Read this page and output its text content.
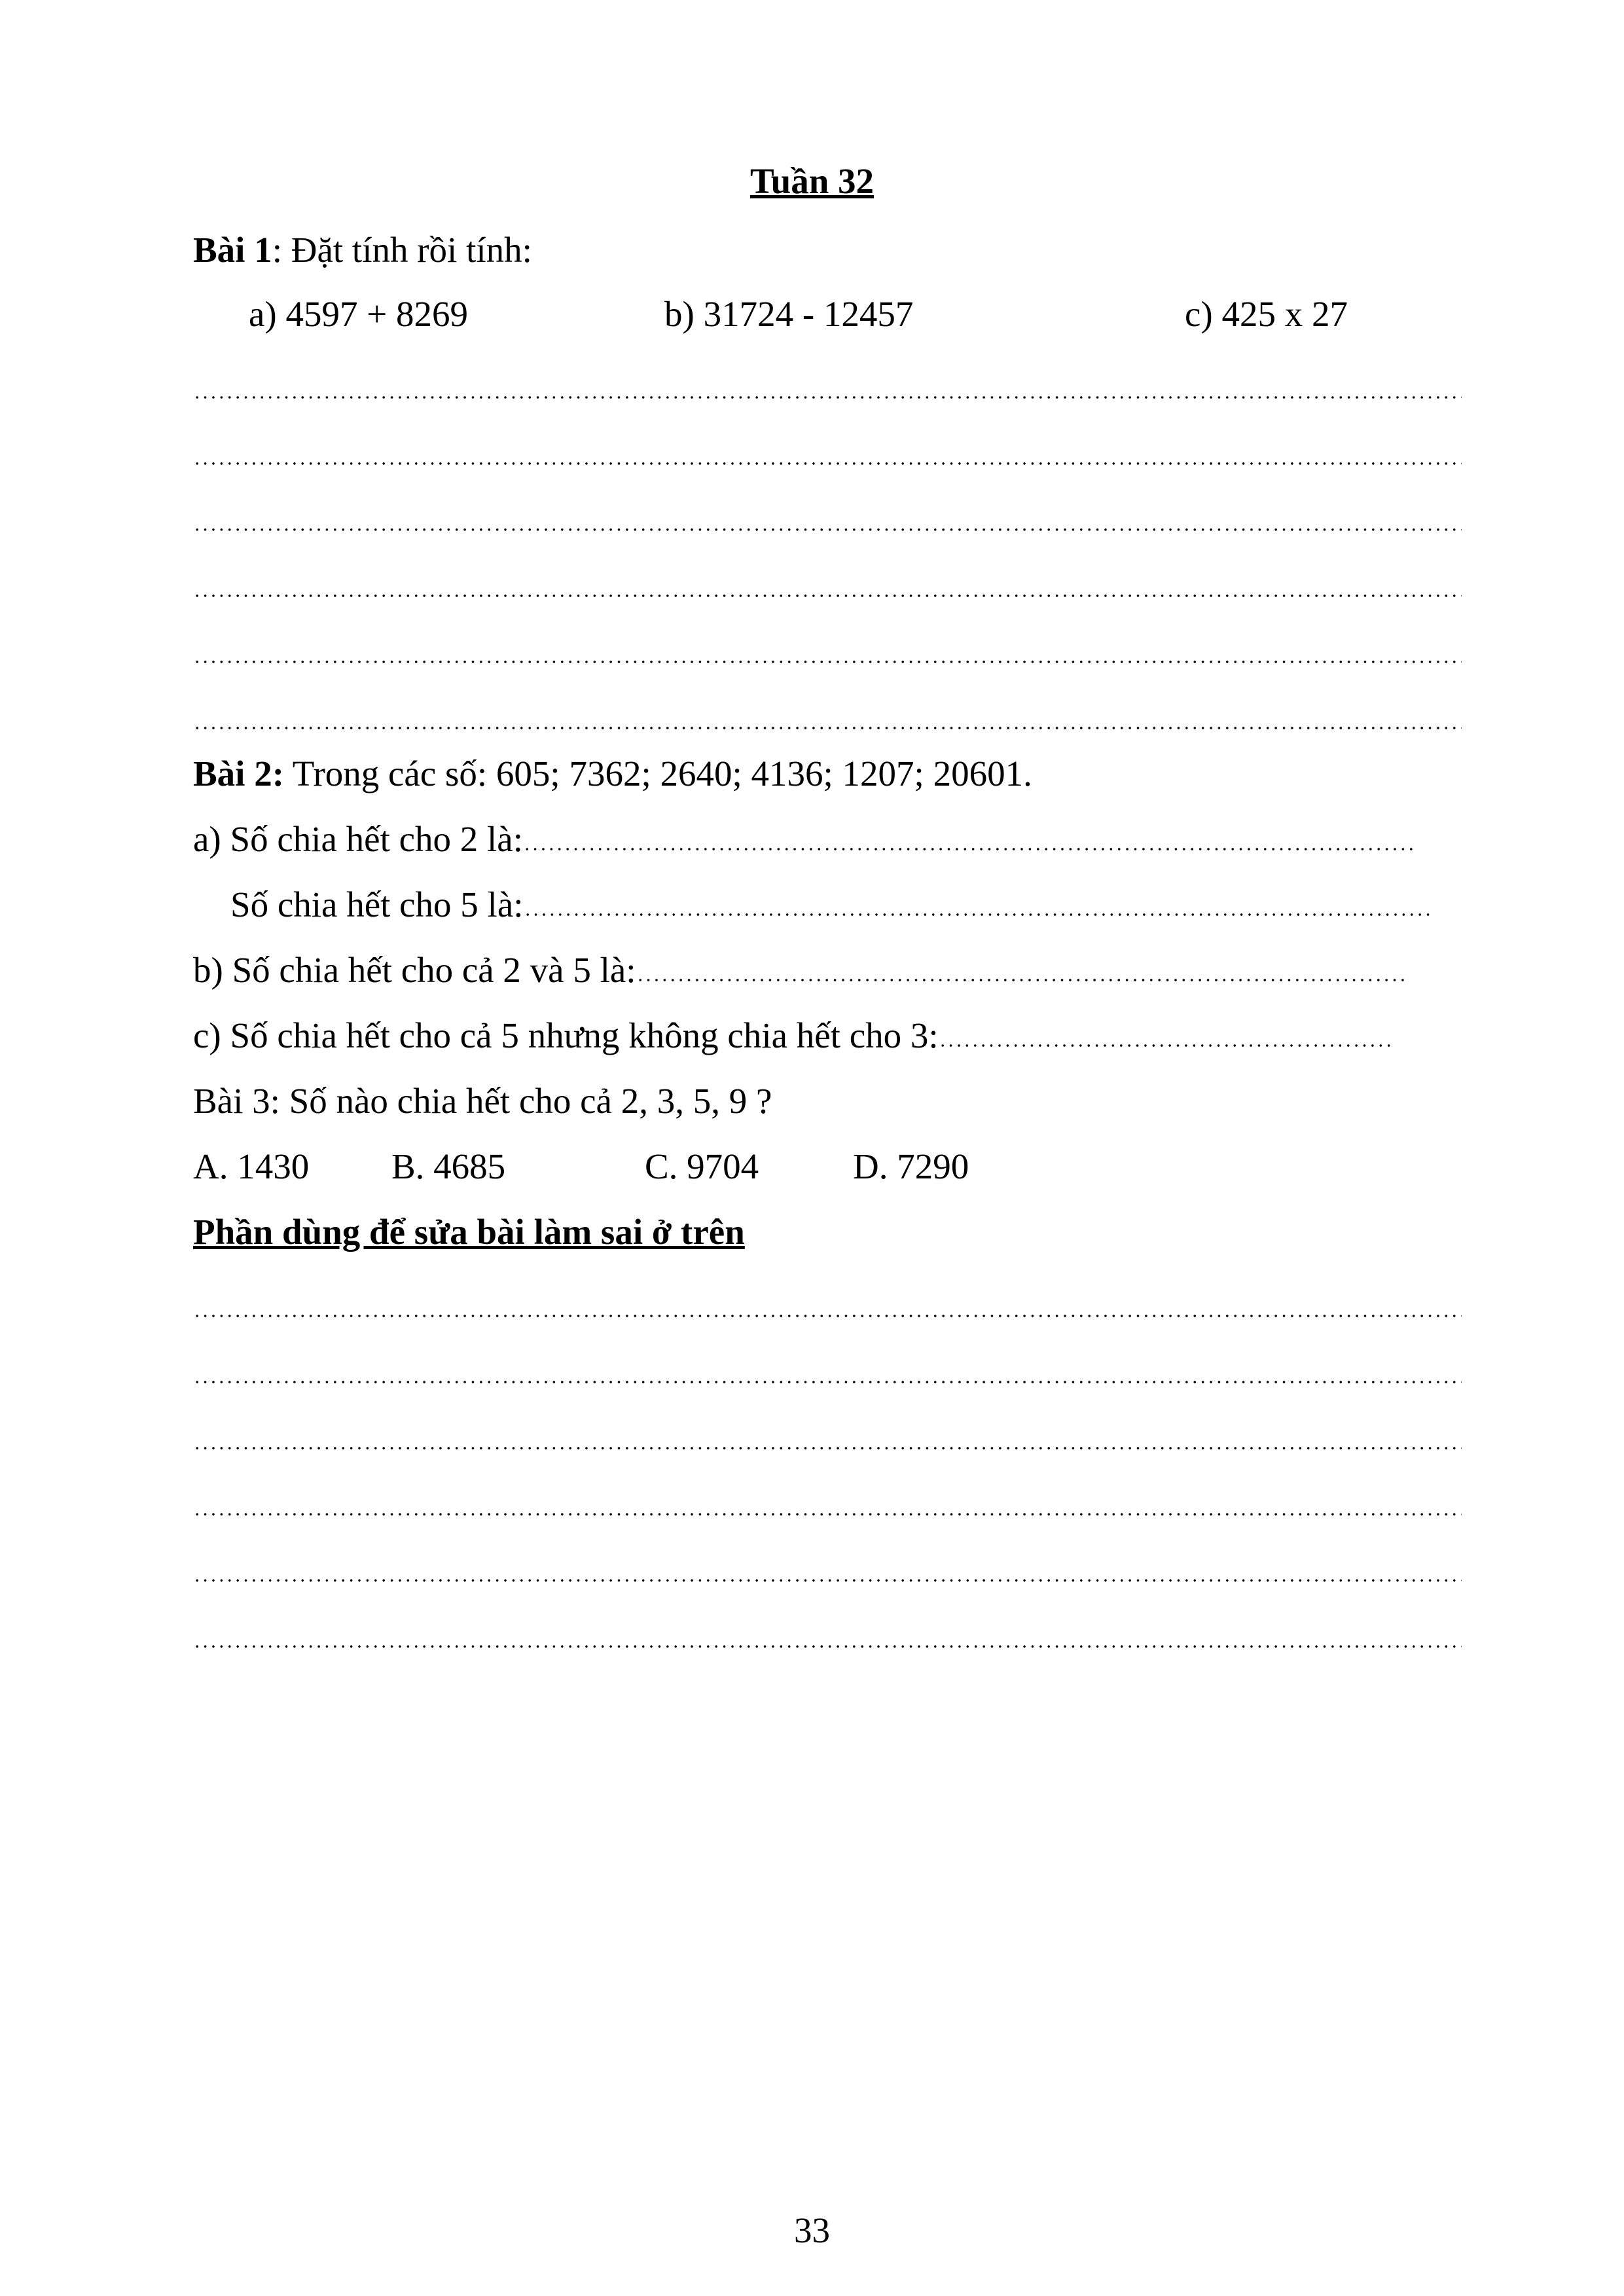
Tuần 32
Bài 1: Đặt tính rồi tính:
a) 4597 + 8269	b) 31724 - 12457	c) 425 x 27
Bài 2: Trong các số: 605; 7362; 2640; 4136; 1207; 20601.
a) Số chia hết cho 2 là:
Số chia hết cho 5 là:
b) Số chia hết cho cả 2 và 5 là:
c) Số chia hết cho cả 5 nhưng không chia hết cho 3:
Bài 3: Số nào chia hết cho cả 2, 3, 5, 9 ?
A. 1430 B. 4685	C. 9704	D. 7290
Phần dùng để sửa bài làm sai ở trên
33
